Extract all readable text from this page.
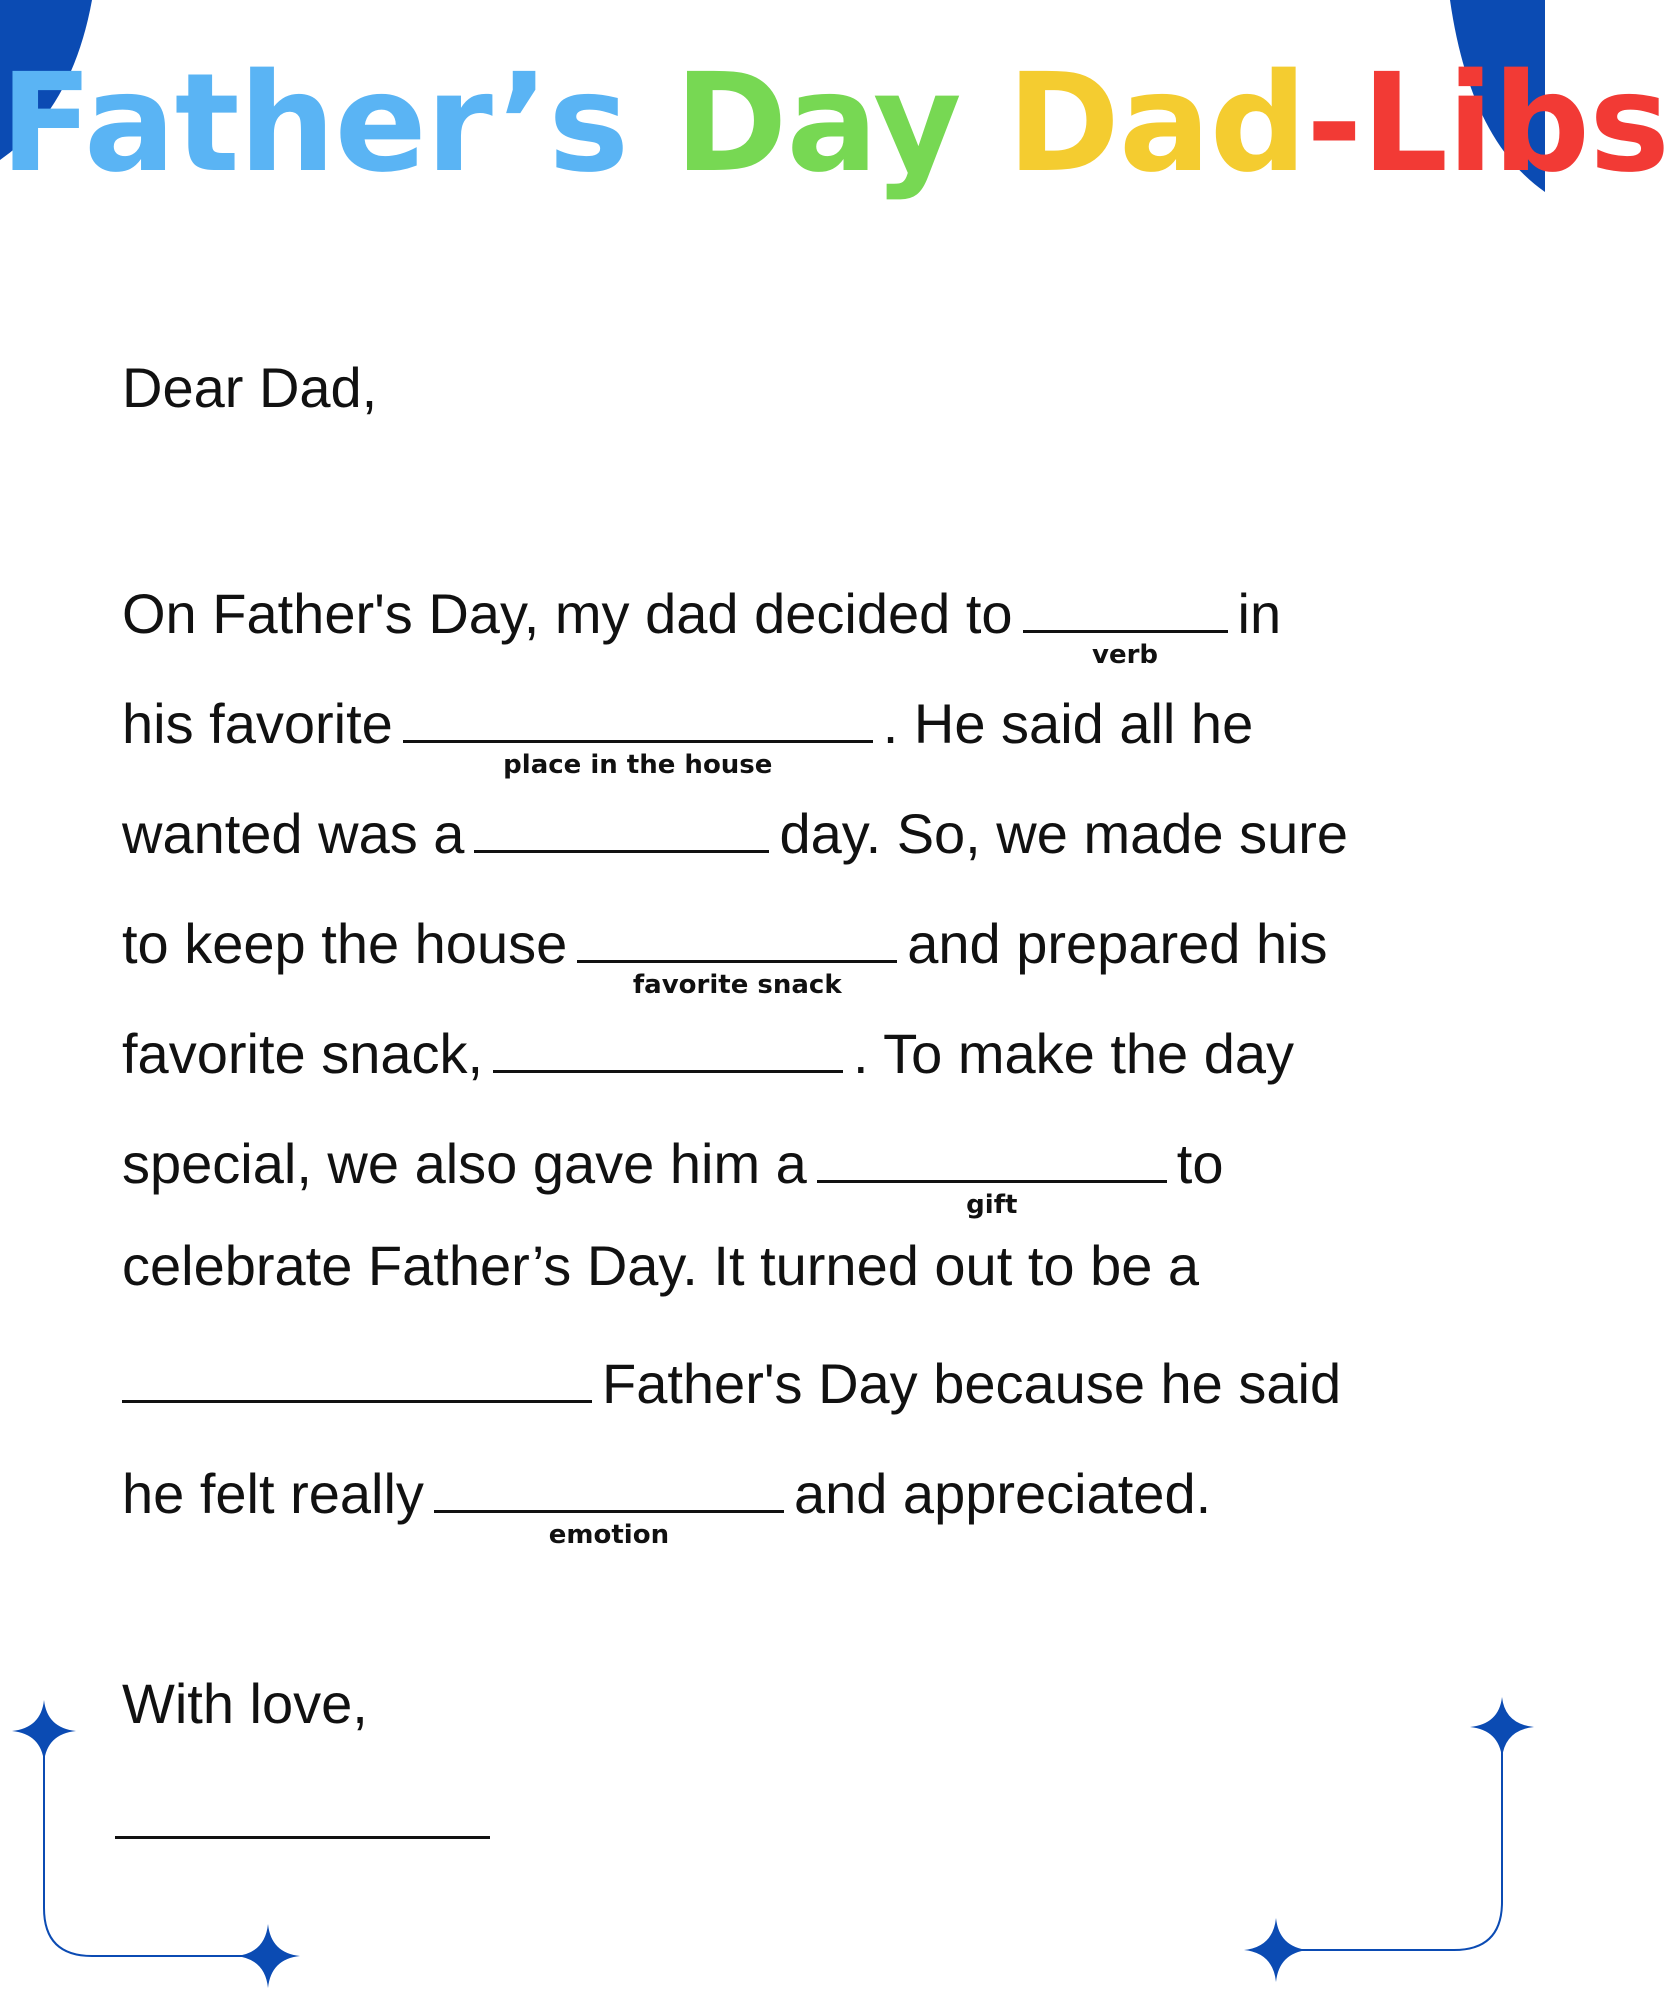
Father’s Day Dad-Libs
Dear Dad,
On Father's Day, my dad decided to
verb
in
his favorite
place in the house
. He said all he
wanted was a	day. So, we made sure
to keep the house
favorite snack
and prepared his
favorite snack,	. To make the day
special, we also gave him a
gift
to
celebrate Father’s Day. It turned out to be a
Father's Day because he said
he felt really
emotion
and appreciated.
With love,
